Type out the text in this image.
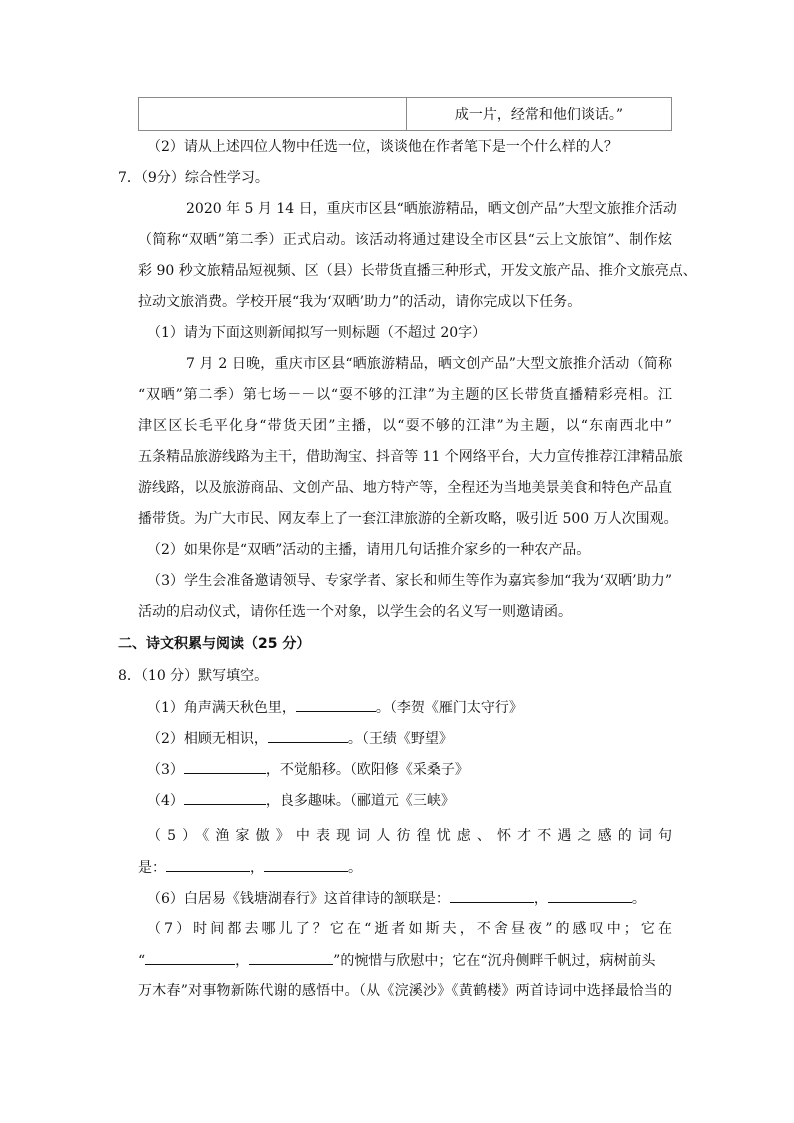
成一片，经常和他们谈话。”
（2）请从上述四位人物中任选一位，谈谈他在作者笔下是一个什么样的人？
7．（9分）综合性学习。
2020 年 5 月 14 日，重庆市区县“晒旅游精品，晒文创产品”大型文旅推介活动
（简称“双晒”第二季）正式启动。该活动将通过建设全市区县“云上文旅馆”、制作炫
彩 90 秒文旅精品短视频、区（县）长带货直播三种形式，开发文旅产品、推介文旅亮点、
拉动文旅消费。学校开展“我为‘双晒’助力”的活动，请你完成以下任务。
（1）请为下面这则新闻拟写一则标题（不超过 20字）
7 月 2 日晚，重庆市区县“晒旅游精品，晒文创产品”大型文旅推介活动（简称
“双晒”第二季）第七场－－以“耍不够的江津”为主题的区长带货直播精彩亮相。江
津区区长毛平化身“带货天团”主播，以“耍不够的江津”为主题，以“东南西北中”
五条精品旅游线路为主干，借助淘宝、抖音等 11 个网络平台，大力宣传推荐江津精品旅
游线路，以及旅游商品、文创产品、地方特产等，全程还为当地美景美食和特色产品直
播带货。为广大市民、网友奉上了一套江津旅游的全新攻略，吸引近 500 万人次围观。
（2）如果你是“双晒”活动的主播，请用几句话推介家乡的一种农产品。
（3）学生会准备邀请领导、专家学者、家长和师生等作为嘉宾参加“我为‘双晒’助力”
活动的启动仪式，请你任选一个对象，以学生会的名义写一则邀请函。
二、诗文积累与阅读（25 分）
8．（10 分）默写填空。
（1）角声满天秋色里，	。（李贺《雁门太守行》
（2）相顾无相识，	。（王绩《野望》
（3）	，不觉船移。（欧阳修《采桑子》
（4）	，良多趣味。（郦道元《三峡》
（5）《渔家傲》中表现词人彷徨忧虑、怀才不遇之感的词句
是：	，	。
（6）白居易《钱塘湖春行》这首律诗的颔联是：	，	。
（7）时间都去哪儿了？它在“逝者如斯夫，不舍昼夜”的感叹中；它在
“	，	”的惋惜与欣慰中；它在“沉舟侧畔千帆过，病树前头
万木春”对事物新陈代谢的感悟中。（从《浣溪沙》《黄鹤楼》两首诗词中选择最恰当的
